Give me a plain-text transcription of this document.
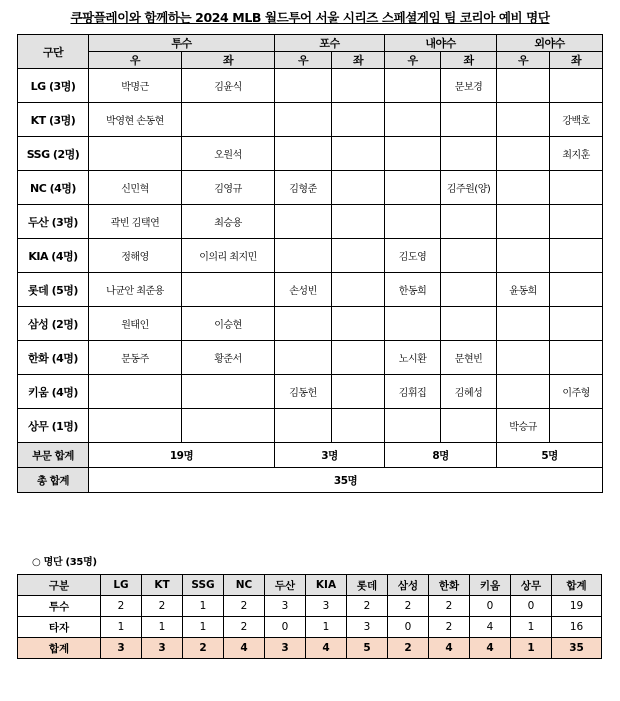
쿠팡플레이와 함께하는 2024 MLB 월드투어 서울 시리즈 스페셜게임 팀 코리아 예비 명단
구단	투수		포수		내야수		외야수	
	우	좌	우	좌	우	좌	우	좌
LG (3명)	박명근	김윤식				문보경		
KT (3명)	박영현 손동현							강백호
SSG (2명)		오원석						최지훈
NC (4명)	신민혁	김영규	김형준			김주원(양)		
두산 (3명)	곽빈 김택연	최승용						
KIA (4명)	정해영	이의리 최지민			김도영			
롯데 (5명)	나균안 최준용		손성빈		한동희		윤동희	
삼성 (2명)	원태인	이승현						
한화 (4명)	문동주	황준서			노시환	문현빈		
키움 (4명)			김동헌		김휘집	김혜성		이주형
상무 (1명)							박승규	
부문 합계	19명		3명		8명		5명	
총 합계	35명							
○ 명단 (35명)
구분	LG	KT	SSG	NC	두산	KIA	롯데	삼성	한화	키움	상무	합계
투수	2	2	1	2	3	3	2	2	2	0	0	19
타자	1	1	1	2	0	1	3	0	2	4	1	16
합계	3	3	2	4	3	4	5	2	4	4	1	35
